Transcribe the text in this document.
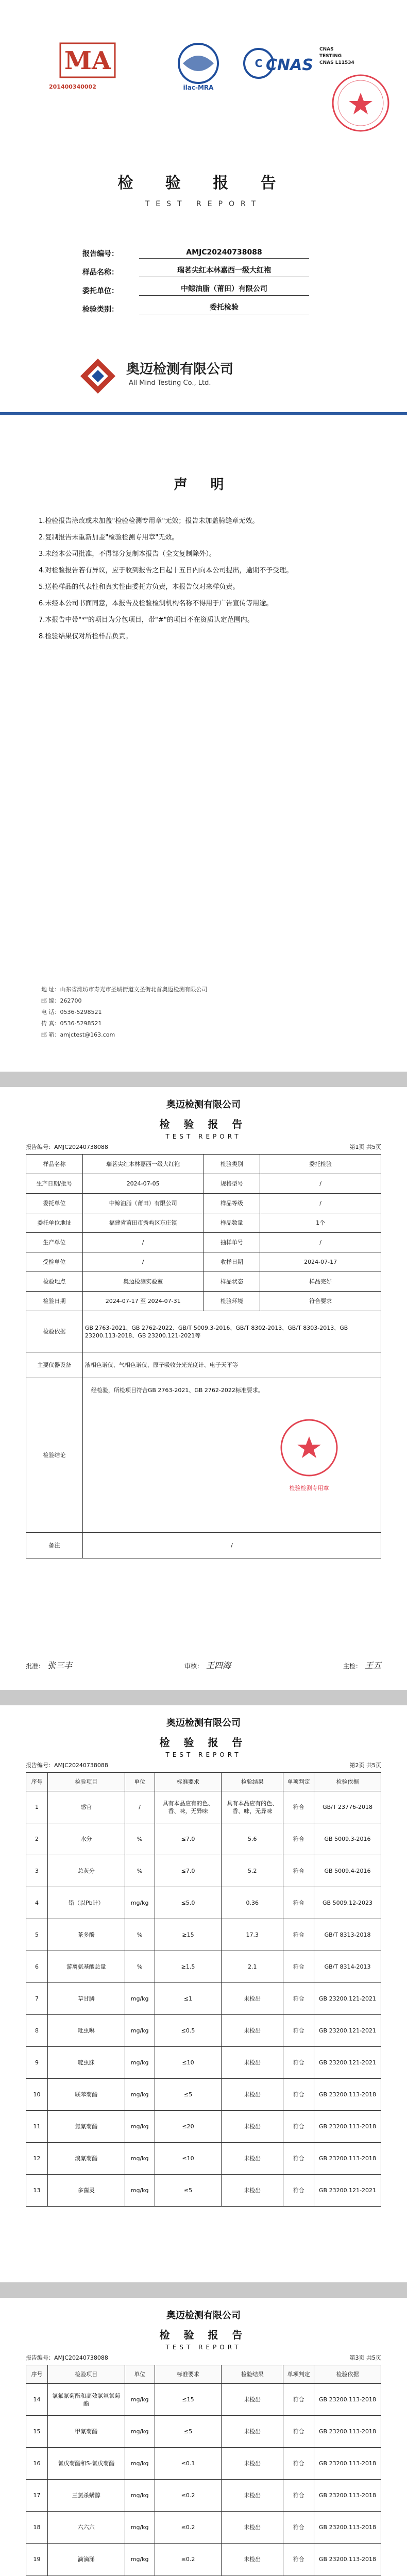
MA
201400340002	ilac-MRA
C CNAS
CNAS
TESTING
CNAS L11534
检 验 报 告
TEST REPORT
报告编号：	AMJC20240738088
样品名称：	瑞茗尖红本林嘉西一级大红袍
委托单位：	中鲸油脂（莆田）有限公司
检验类别：	委托检验
奥迈检测有限公司
All Mind Testing Co., Ltd.
声 明

1.检验报告涂改或未加盖"检验检测专用章"无效；报告未加盖骑缝章无效。

2.复制报告未重新加盖"检验检测专用章"无效。

3.未经本公司批准，不得部分复制本报告（全文复制除外）。

4.对检验报告若有异议，应于收到报告之日起十五日内向本公司提出，逾期不予受理。

5.送检样品的代表性和真实性由委托方负责，本报告仅对来样负责。

6.未经本公司书面同意，本报告及检验检测机构名称不得用于广告宣传等用途。

7.本报告中带"*"的项目为分包项目，带"#"的项目不在资质认定范围内。

8.检验结果仅对所检样品负责。

地 址：山东省潍坊市寿光市圣城街道文圣街北首奥迈检测有限公司

邮 编：262700

电 话：0536-5298521

传 真：0536-5298521

邮 箱：amjctest@163.com

奥迈检测有限公司
检 验 报 告
TEST REPORT
报告编号：AMJC20240738088	第1页 共5页
样品名称	瑞茗尖红本林嘉西一级大红袍	检验类别	委托检验
生产日期/批号	2024-07-05	规格型号	/
委托单位	中鲸油脂（莆田）有限公司	样品等级	/
委托单位地址	福建省莆田市秀屿区东庄镇	样品数量	1个
生产单位	/	抽样单号	/
受检单位	/	收样日期	2024-07-17
检验地点	奥迈检测实验室	样品状态	样品完好
检验日期	2024-07-17 至 2024-07-31	检验环境	符合要求
检验依据	GB 2763-2021、GB 2762-2022、GB/T 5009.3-2016、GB/T 8302-2013、GB/T 8303-2013、GB 23200.113-2018、GB 23200.121-2021等		
主要仪器设备	液相色谱仪、气相色谱仪、原子吸收分光光度计、电子天平等		
检验结论	经检验，所检项目符合GB 2763-2021、GB 2762-2022标准要求。		
备注	/		
检验检测专用章
批准： 张三丰	审核： 王四海	主检： 王五
奥迈检测有限公司
检 验 报 告
TEST REPORT
报告编号：AMJC20240738088	第2页 共5页
序号	检验项目	单位	标准要求	检验结果	单项判定	检验依据
1	感官	/	具有本品应有的色、香、味，无异味	具有本品应有的色、香、味，无异味	符合	GB/T 23776-2018
2	水分	%	≤7.0	5.6	符合	GB 5009.3-2016
3	总灰分	%	≤7.0	5.2	符合	GB 5009.4-2016
4	铅（以Pb计）	mg/kg	≤5.0	0.36	符合	GB 5009.12-2023
5	茶多酚	%	≥15	17.3	符合	GB/T 8313-2018
6	游离氨基酸总量	%	≥1.5	2.1	符合	GB/T 8314-2013
7	草甘膦	mg/kg	≤1	未检出	符合	GB 23200.121-2021
8	吡虫啉	mg/kg	≤0.5	未检出	符合	GB 23200.121-2021
9	啶虫脒	mg/kg	≤10	未检出	符合	GB 23200.121-2021
10	联苯菊酯	mg/kg	≤5	未检出	符合	GB 23200.113-2018
11	氯氰菊酯	mg/kg	≤20	未检出	符合	GB 23200.113-2018
12	溴氰菊酯	mg/kg	≤10	未检出	符合	GB 23200.113-2018
13	多菌灵	mg/kg	≤5	未检出	符合	GB 23200.121-2021
奥迈检测有限公司
检 验 报 告
TEST REPORT
报告编号：AMJC20240738088	第3页 共5页
序号	检验项目	单位	标准要求	检验结果	单项判定	检验依据
14	氯氟氰菊酯和高效氯氟氰菊酯	mg/kg	≤15	未检出	符合	GB 23200.113-2018
15	甲氰菊酯	mg/kg	≤5	未检出	符合	GB 23200.113-2018
16	氰戊菊酯和S-氰戊菊酯	mg/kg	≤0.1	未检出	符合	GB 23200.113-2018
17	三氯杀螨醇	mg/kg	≤0.2	未检出	符合	GB 23200.113-2018
18	六六六	mg/kg	≤0.2	未检出	符合	GB 23200.113-2018
19	滴滴涕	mg/kg	≤0.2	未检出	符合	GB 23200.113-2018
